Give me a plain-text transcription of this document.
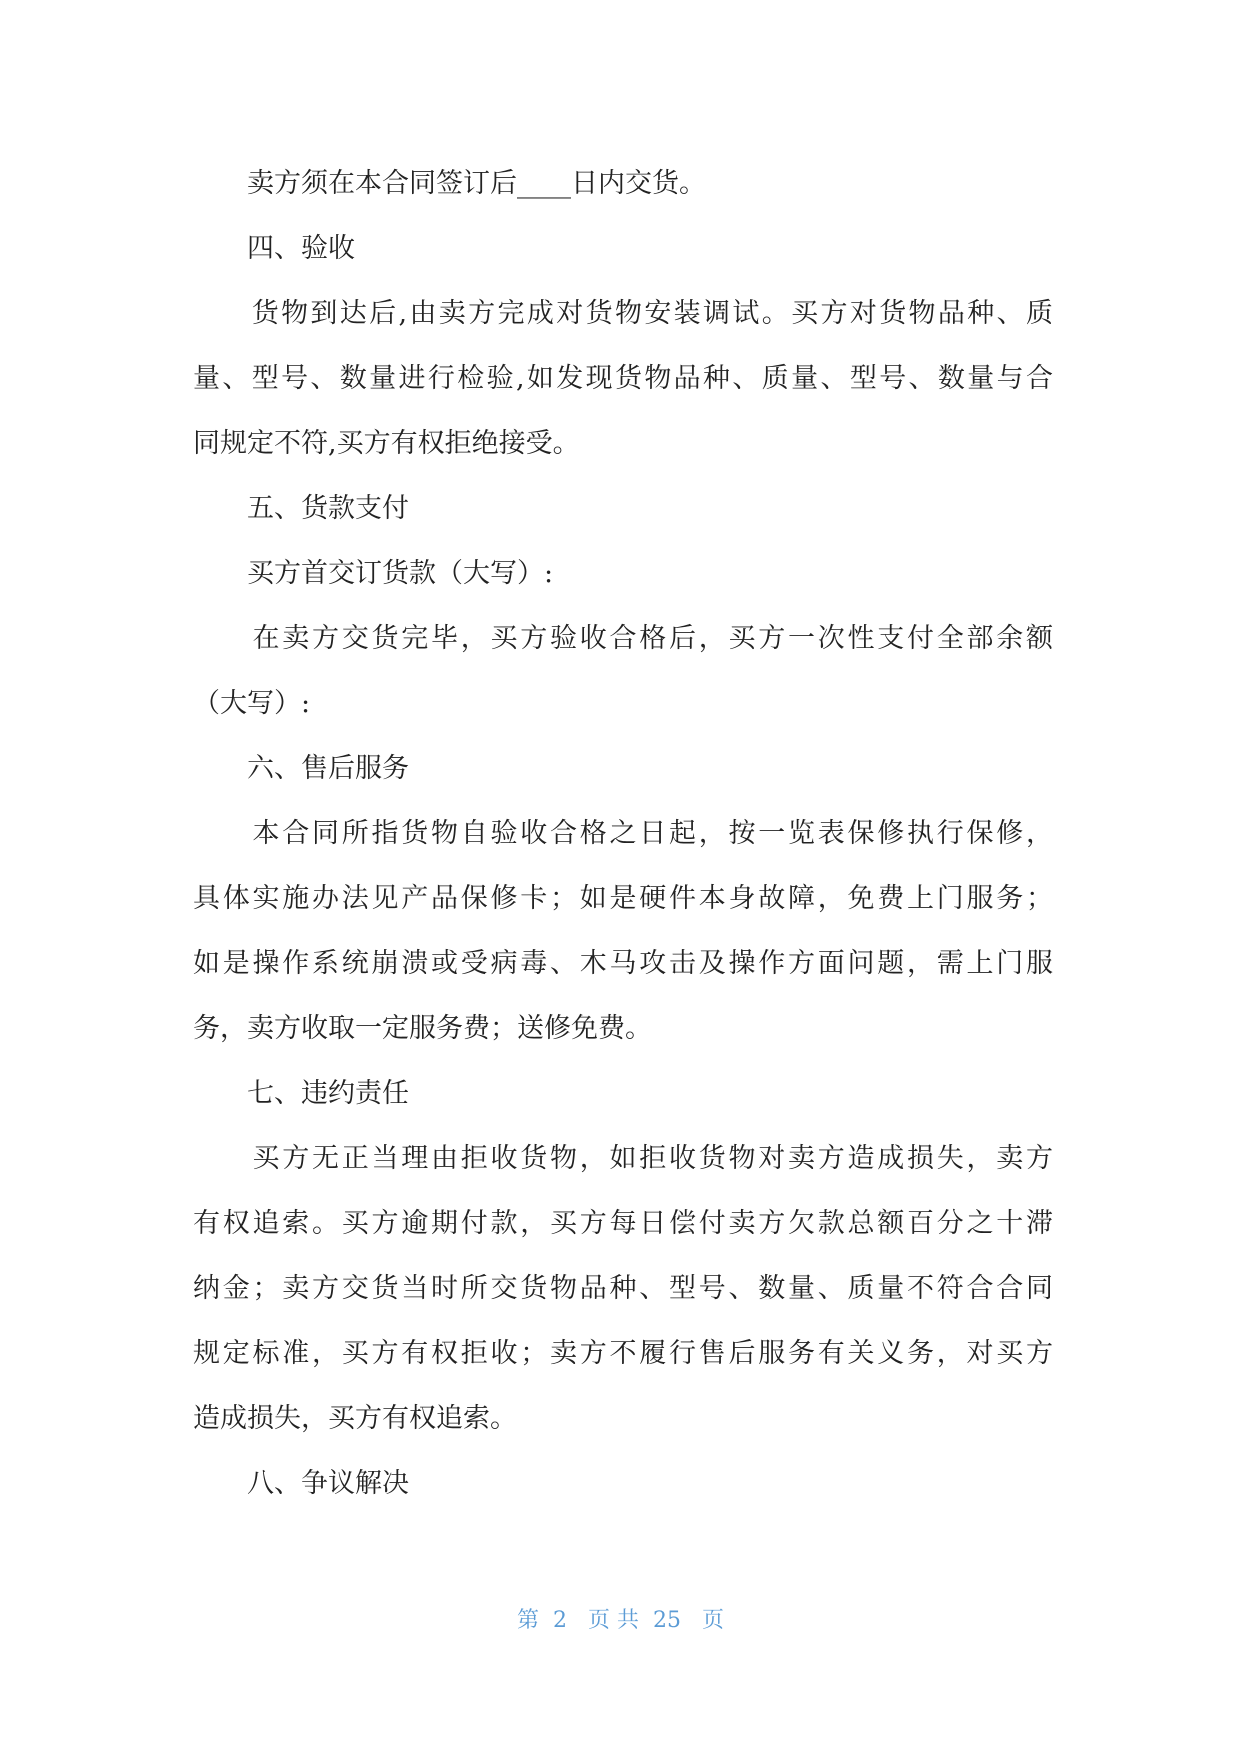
　　卖方须在本合同签订后____日内交货。
　　四、验收
　　货物到达后,由卖方完成对货物安装调试。买方对货物品种、质
量、型号、数量进行检验,如发现货物品种、质量、型号、数量与合
同规定不符,买方有权拒绝接受。
　　五、货款支付
　　买方首交订货款（大写）:
　　在卖方交货完毕，买方验收合格后，买方一次性支付全部余额
（大写）:
　　六、售后服务
　　本合同所指货物自验收合格之日起，按一览表保修执行保修，
具体实施办法见产品保修卡；如是硬件本身故障，免费上门服务；
如是操作系统崩溃或受病毒、木马攻击及操作方面问题，需上门服
务，卖方收取一定服务费；送修免费。
　　七、违约责任
　　买方无正当理由拒收货物，如拒收货物对卖方造成损失，卖方
有权追索。买方逾期付款，买方每日偿付卖方欠款总额百分之十滞
纳金；卖方交货当时所交货物品种、型号、数量、质量不符合合同
规定标准，买方有权拒收；卖方不履行售后服务有关义务，对买方
造成损失，买方有权追索。
　　八、争议解决
第  2   页 共  25   页
